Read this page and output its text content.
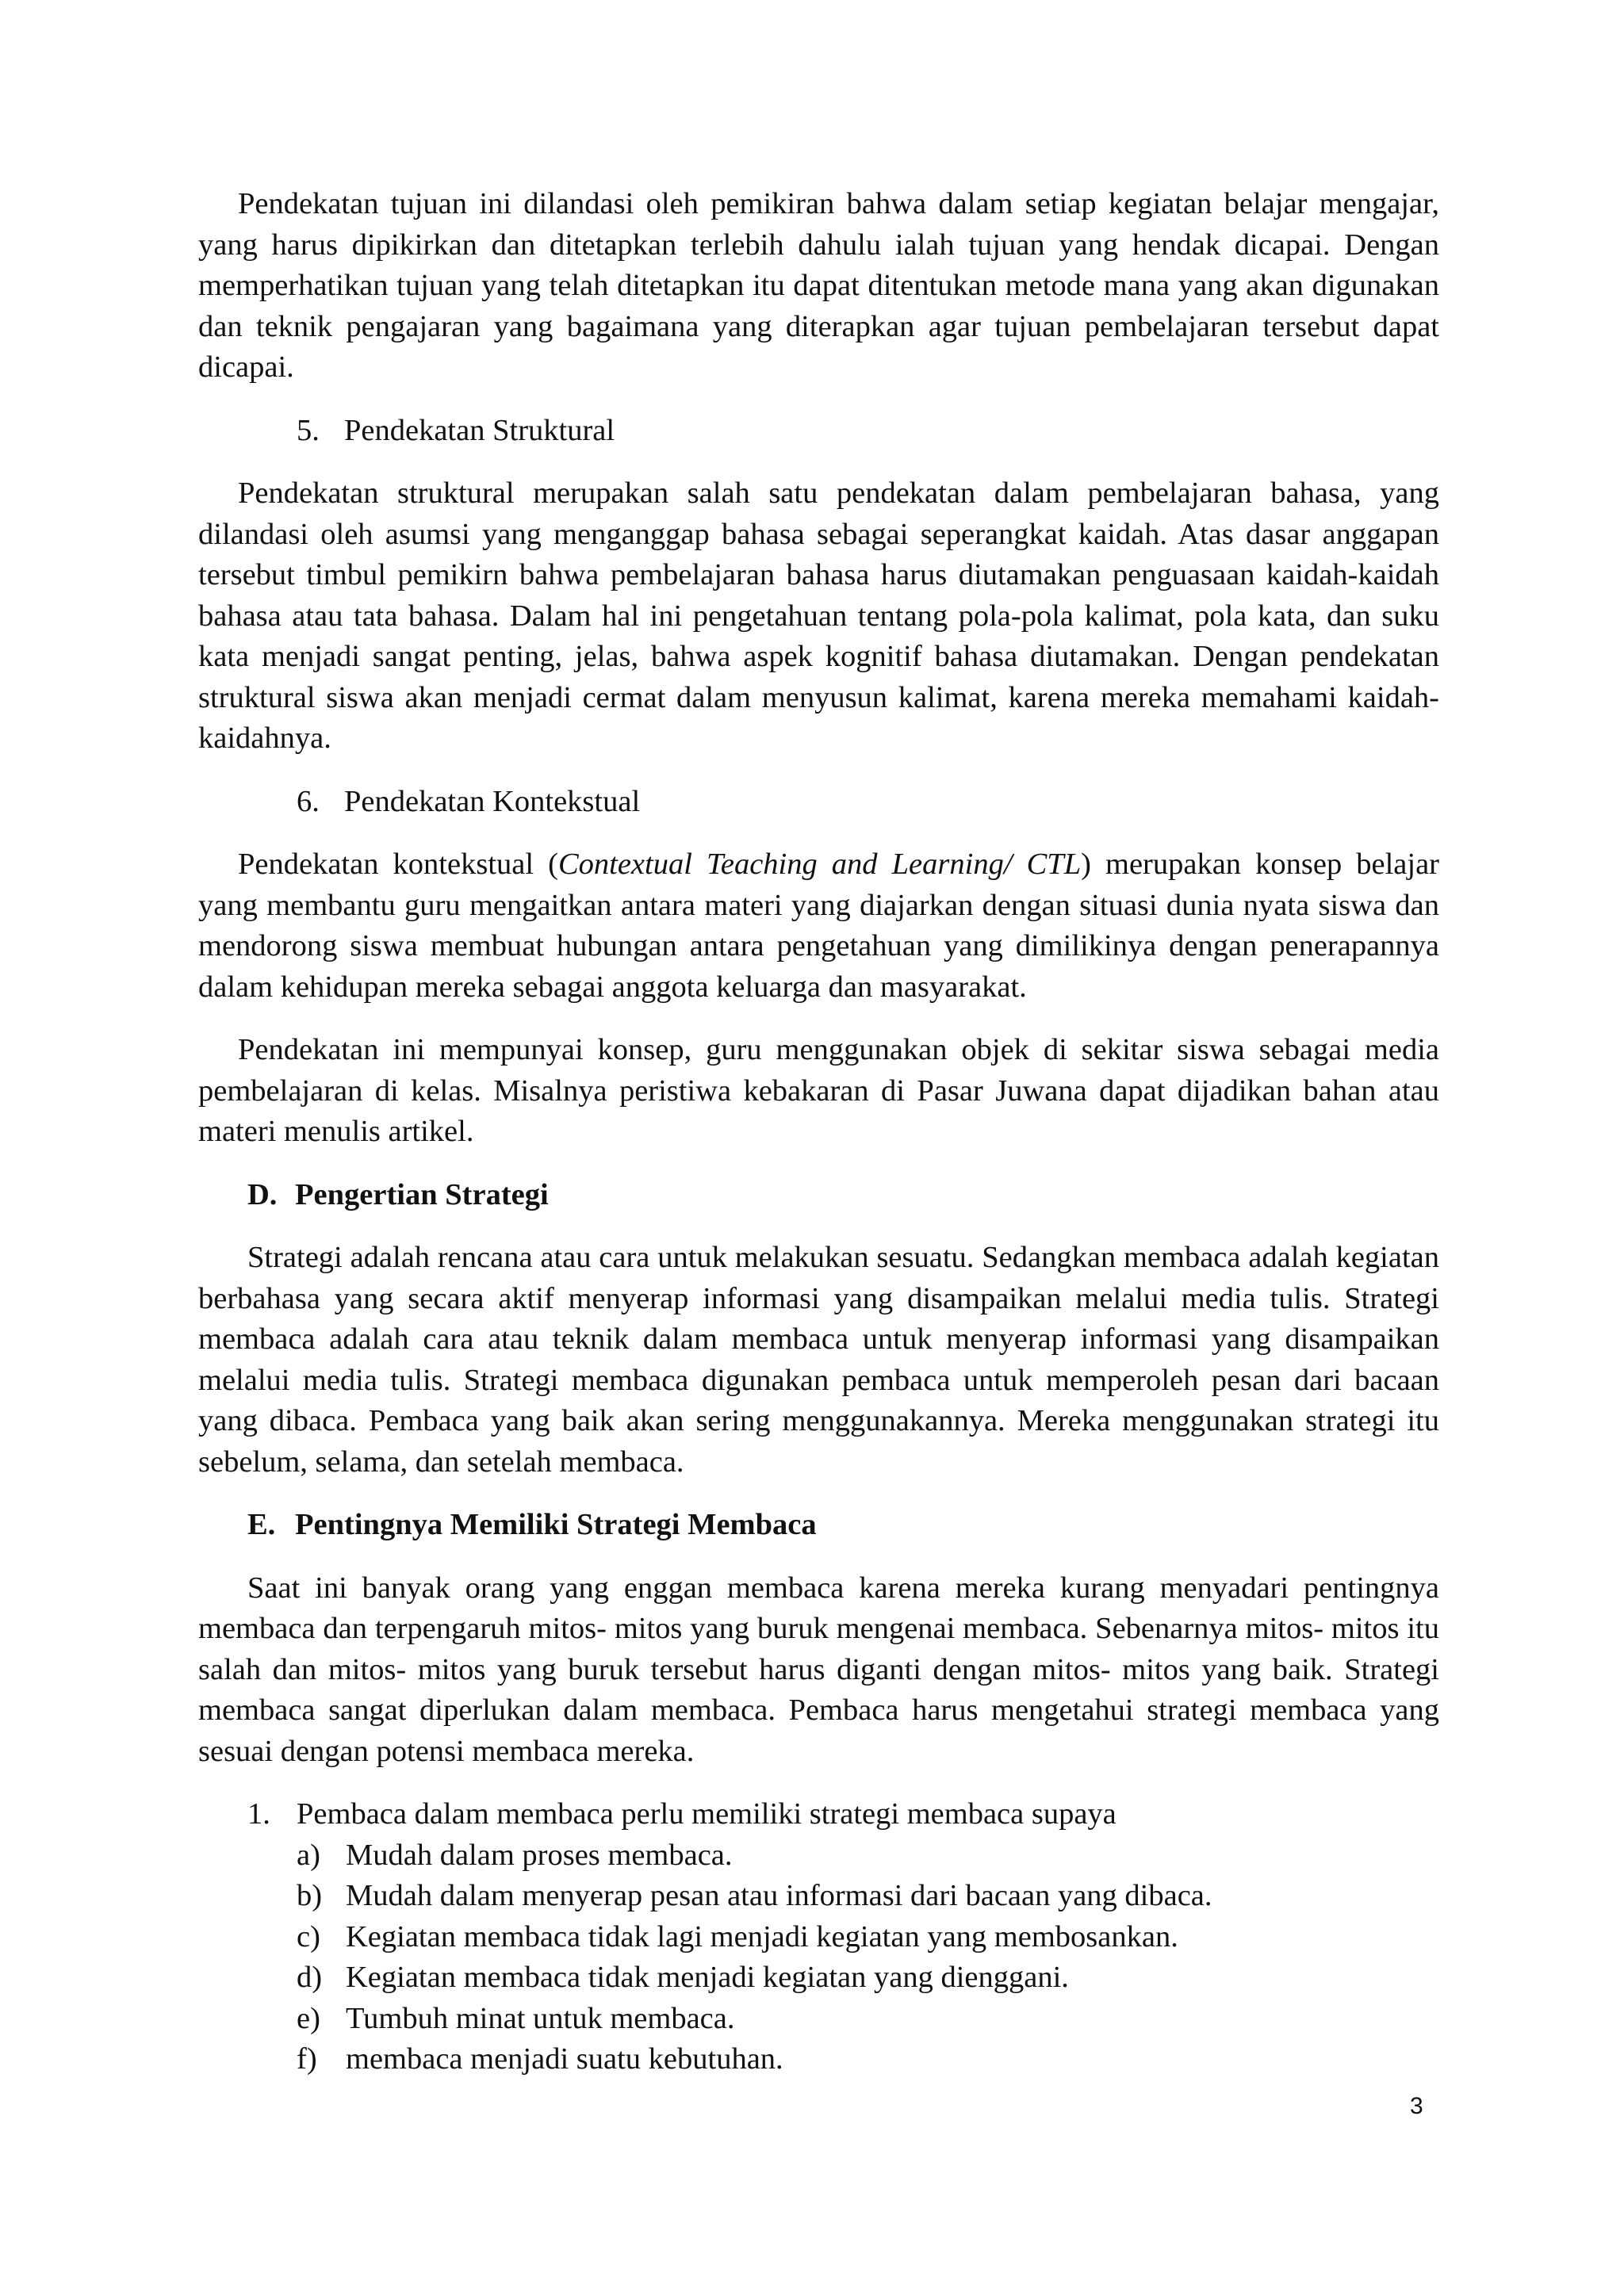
Pendekatan tujuan ini dilandasi oleh pemikiran bahwa dalam setiap kegiatan belajar mengajar, yang harus dipikirkan dan ditetapkan terlebih dahulu ialah tujuan yang hendak dicapai. Dengan memperhatikan tujuan yang telah ditetapkan itu dapat ditentukan metode mana yang akan digunakan dan teknik pengajaran yang bagaimana yang diterapkan agar tujuan pembelajaran tersebut dapat dicapai.

5. Pendekatan Struktural

Pendekatan struktural merupakan salah satu pendekatan dalam pembelajaran bahasa, yang dilandasi oleh asumsi yang menganggap bahasa sebagai seperangkat kaidah. Atas dasar anggapan tersebut timbul pemikirn bahwa pembelajaran bahasa harus diutamakan penguasaan kaidah-kaidah bahasa atau tata bahasa. Dalam hal ini pengetahuan tentang pola-pola kalimat, pola kata, dan suku kata menjadi sangat penting, jelas, bahwa aspek kognitif bahasa diutamakan. Dengan pendekatan struktural siswa akan menjadi cermat dalam menyusun kalimat, karena mereka memahami kaidah-kaidahnya.

6. Pendekatan Kontekstual

Pendekatan kontekstual (Contextual Teaching and Learning/ CTL) merupakan konsep belajar yang membantu guru mengaitkan antara materi yang diajarkan dengan situasi dunia nyata siswa dan mendorong siswa membuat hubungan antara pengetahuan yang dimilikinya dengan penerapannya dalam kehidupan mereka sebagai anggota keluarga dan masyarakat.

Pendekatan ini mempunyai konsep, guru menggunakan objek di sekitar siswa sebagai media pembelajaran di kelas. Misalnya peristiwa kebakaran di Pasar Juwana dapat dijadikan bahan atau materi menulis artikel.

D. Pengertian Strategi

Strategi adalah rencana atau cara untuk melakukan sesuatu. Sedangkan membaca adalah kegiatan berbahasa yang secara aktif menyerap informasi yang disampaikan melalui media tulis. Strategi membaca adalah cara atau teknik dalam membaca untuk menyerap informasi yang disampaikan melalui media tulis. Strategi membaca digunakan pembaca untuk memperoleh pesan dari bacaan yang dibaca. Pembaca yang baik akan sering menggunakannya. Mereka menggunakan strategi itu sebelum, selama, dan setelah membaca.

E. Pentingnya Memiliki Strategi Membaca

Saat ini banyak orang yang enggan membaca karena mereka kurang menyadari pentingnya membaca dan terpengaruh mitos- mitos yang buruk mengenai membaca. Sebenarnya mitos- mitos itu salah dan mitos- mitos yang buruk tersebut harus diganti dengan mitos- mitos yang baik. Strategi membaca sangat diperlukan dalam membaca. Pembaca harus mengetahui strategi membaca yang sesuai dengan potensi membaca mereka.

1. Pembaca dalam membaca perlu memiliki strategi membaca supaya
a) Mudah dalam proses membaca.
b) Mudah dalam menyerap pesan atau informasi dari bacaan yang dibaca.
c) Kegiatan membaca tidak lagi menjadi kegiatan yang membosankan.
d) Kegiatan membaca tidak menjadi kegiatan yang dienggani.
e) Tumbuh minat untuk membaca.
f) membaca menjadi suatu kebutuhan.
3
